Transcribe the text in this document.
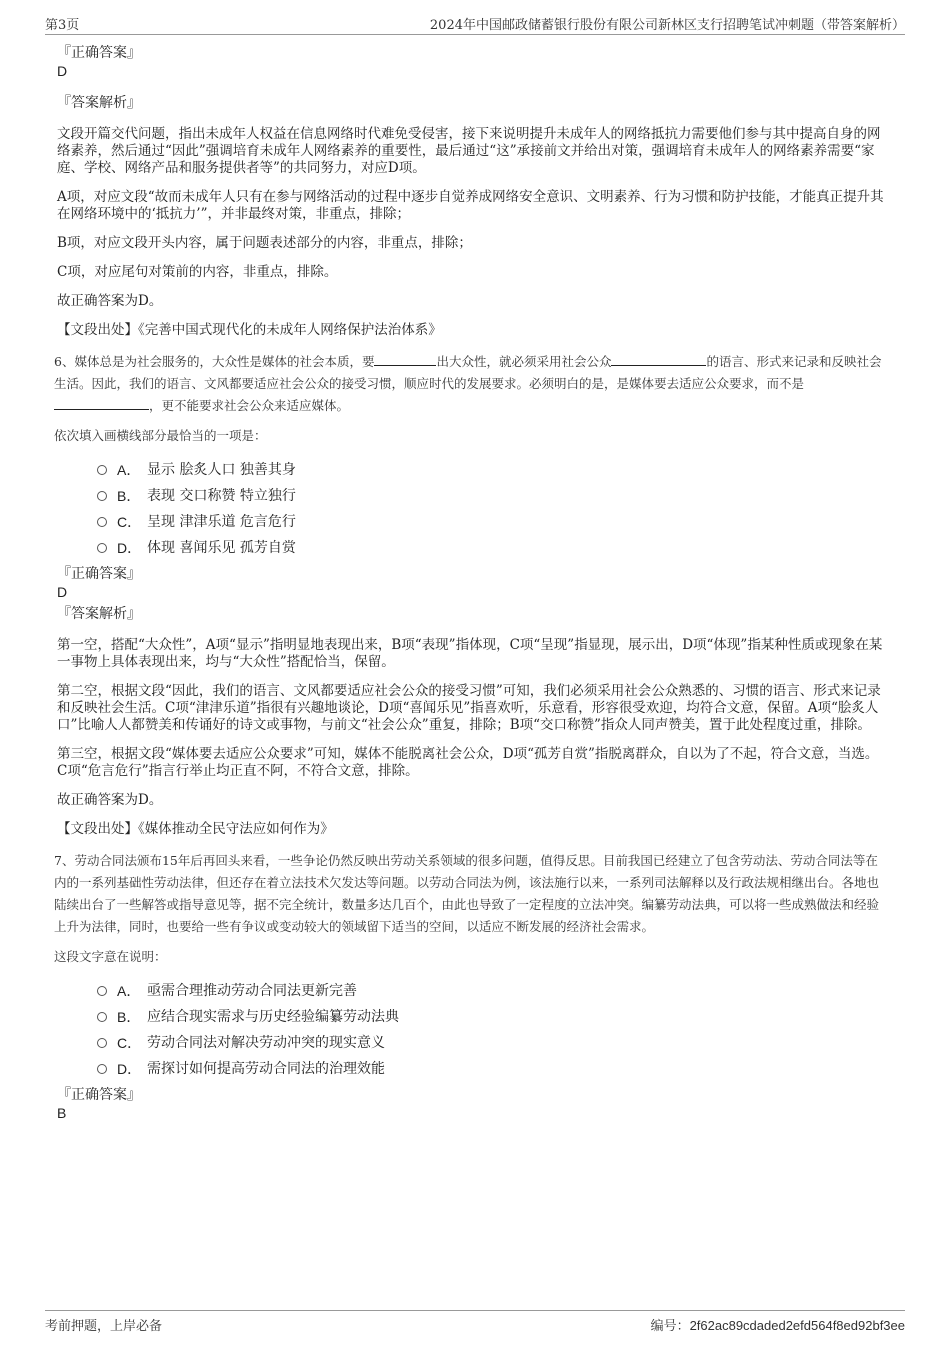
第3页	2024年中国邮政储蓄银行股份有限公司新林区支行招聘笔试冲刺题（带答案解析）

『正确答案』

D

『答案解析』

文段开篇交代问题，指出未成年人权益在信息网络时代难免受侵害，接下来说明提升未成年人的网络抵抗力需要他们参与其中提高自身的网络素养，然后通过“因此”强调培育未成年人网络素养的重要性，最后通过“这”承接前文并给出对策，强调培育未成年人的网络素养需要“家庭、学校、网络产品和服务提供者等”的共同努力，对应D项。

A项，对应文段“故而未成年人只有在参与网络活动的过程中逐步自觉养成网络安全意识、文明素养、行为习惯和防护技能，才能真正提升其在网络环境中的‘抵抗力’”，并非最终对策，非重点，排除；

B项，对应文段开头内容，属于问题表述部分的内容，非重点，排除；

C项，对应尾句对策前的内容，非重点，排除。

故正确答案为D。

【文段出处】《完善中国式现代化的未成年人网络保护法治体系》

6、媒体总是为社会服务的，大众性是媒体的社会本质，要	出大众性，就必须采用社会公众	的语言、形式来记录和反映社会生活。因此，我们的语言、文风都要适应社会公众的接受习惯，顺应时代的发展要求。必须明白的是，是媒体要去适应公众要求，而不是，更不能要求社会公众来适应媒体。

依次填入画横线部分最恰当的一项是：

A． 显示 脍炙人口 独善其身
B． 表现 交口称赞 特立独行
C． 呈现 津津乐道 危言危行
D． 体现 喜闻乐见 孤芳自赏

『正确答案』

D

『答案解析』

第一空，搭配“大众性”，A项“显示”指明显地表现出来，B项“表现”指体现，C项“呈现”指显现，展示出，D项“体现”指某种性质或现象在某一事物上具体表现出来，均与“大众性”搭配恰当，保留。

第二空，根据文段“因此，我们的语言、文风都要适应社会公众的接受习惯”可知，我们必须采用社会公众熟悉的、习惯的语言、形式来记录和反映社会生活。C项“津津乐道”指很有兴趣地谈论，D项“喜闻乐见”指喜欢听，乐意看，形容很受欢迎，均符合文意，保留。A项“脍炙人口”比喻人人都赞美和传诵好的诗文或事物，与前文“社会公众”重复，排除；B项“交口称赞”指众人同声赞美，置于此处程度过重，排除。

第三空，根据文段“媒体要去适应公众要求”可知，媒体不能脱离社会公众，D项“孤芳自赏”指脱离群众，自以为了不起，符合文意，当选。C项“危言危行”指言行举止均正直不阿，不符合文意，排除。

故正确答案为D。

【文段出处】《媒体推动全民守法应如何作为》

7、劳动合同法颁布15年后再回头来看，一些争论仍然反映出劳动关系领域的很多问题，值得反思。目前我国已经建立了包含劳动法、劳动合同法等在内的一系列基础性劳动法律，但还存在着立法技术欠发达等问题。以劳动合同法为例，该法施行以来，一系列司法解释以及行政法规相继出台。各地也陆续出台了一些解答或指导意见等，据不完全统计，数量多达几百个，由此也导致了一定程度的立法冲突。编纂劳动法典，可以将一些成熟做法和经验上升为法律，同时，也要给一些有争议或变动较大的领域留下适当的空间，以适应不断发展的经济社会需求。

这段文字意在说明：

A． 亟需合理推动劳动合同法更新完善
B． 应结合现实需求与历史经验编纂劳动法典
C． 劳动合同法对解决劳动冲突的现实意义
D． 需探讨如何提高劳动合同法的治理效能

『正确答案』

B

考前押题，上岸必备	编号：2f62ac89cdaded2efd564f8ed92bf3ee
